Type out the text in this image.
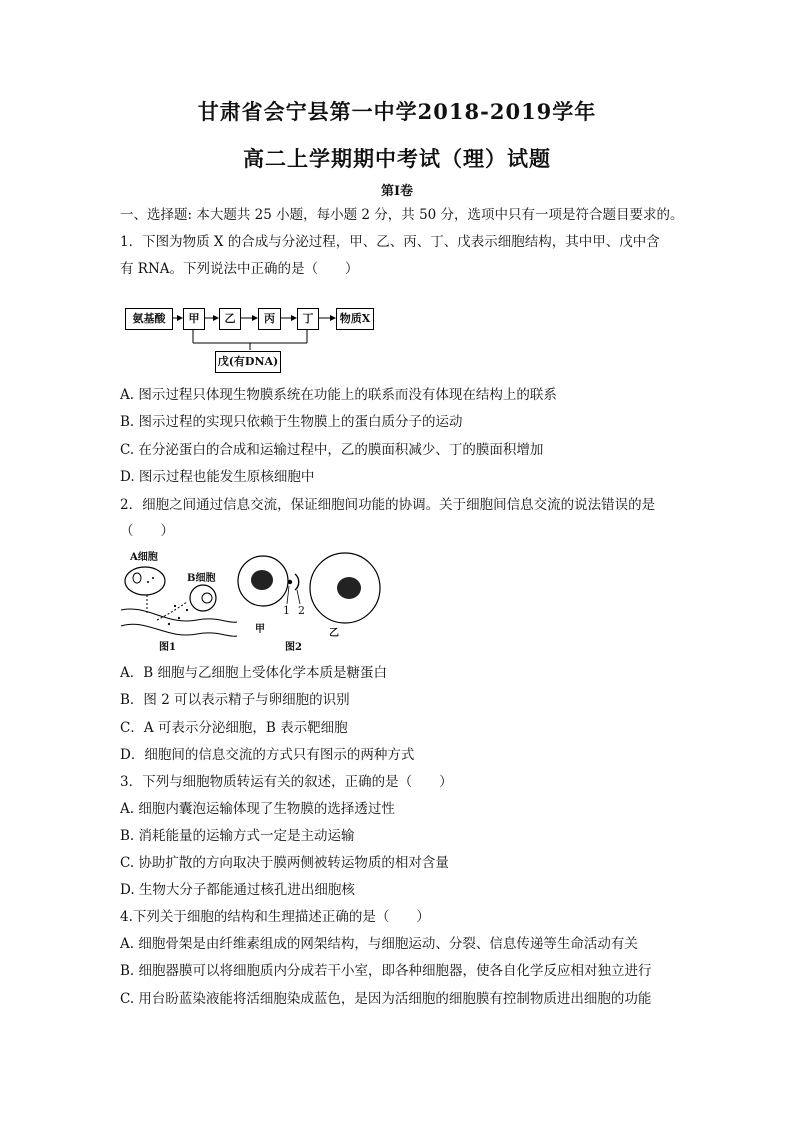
甘肃省会宁县第一中学2018-2019学年
高二上学期期中考试（理）试题
第I卷
一、选择题: 本大题共 25 小题，每小题 2 分，共 50 分，选项中只有一项是符合题目要求的。
1．下图为物质 X 的合成与分泌过程，甲、乙、丙、丁、戊表示细胞结构，其中甲、戊中含
有 RNA。下列说法中正确的是（　　）
氨基酸	甲	乙	丙	丁	物质X
戊(有DNA)
A. 图示过程只体现生物膜系统在功能上的联系而没有体现在结构上的联系
B. 图示过程的实现只依赖于生物膜上的蛋白质分子的运动
C. 在分泌蛋白的合成和运输过程中，乙的膜面积减少、丁的膜面积增加
D. 图示过程也能发生原核细胞中
2．细胞之间通过信息交流，保证细胞间功能的协调。关于细胞间信息交流的说法错误的是
（　　）
A细胞
B细胞
图1
甲
1 2
图2
乙
A．B 细胞与乙细胞上受体化学本质是糖蛋白
B．图 2 可以表示精子与卵细胞的识别
C．A 可表示分泌细胞，B 表示靶细胞
D．细胞间的信息交流的方式只有图示的两种方式
3．下列与细胞物质转运有关的叙述，正确的是（　　）
A. 细胞内囊泡运输体现了生物膜的选择透过性
B. 消耗能量的运输方式一定是主动运输
C. 协助扩散的方向取决于膜两侧被转运物质的相对含量
D. 生物大分子都能通过核孔进出细胞核
4.下列关于细胞的结构和生理描述正确的是（　　）
A. 细胞骨架是由纤维素组成的网架结构，与细胞运动、分裂、信息传递等生命活动有关
B. 细胞器膜可以将细胞质内分成若干小室，即各种细胞器，使各自化学反应相对独立进行
C. 用台盼蓝染液能将活细胞染成蓝色，是因为活细胞的细胞膜有控制物质进出细胞的功能
